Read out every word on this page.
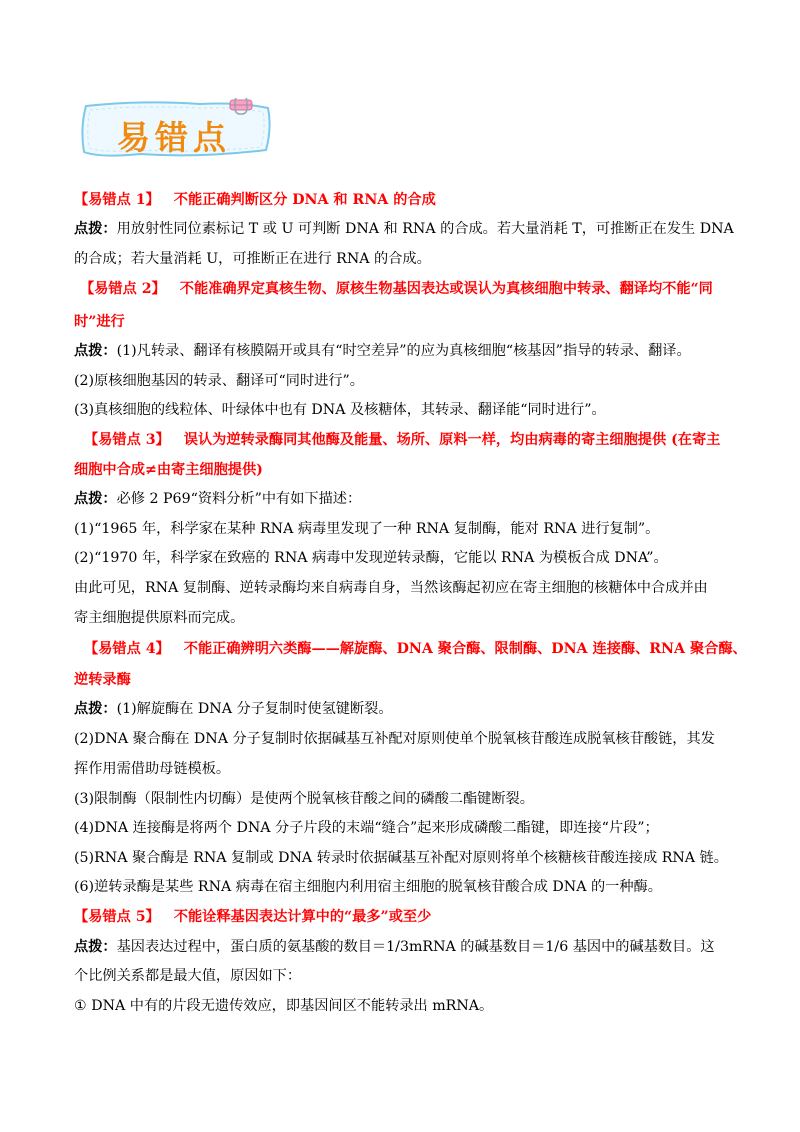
易错点
【易错点 1】 不能正确判断区分 DNA 和 RNA 的合成
点拨：用放射性同位素标记 T 或 U 可判断 DNA 和 RNA 的合成。若大量消耗 T，可推断正在发生 DNA
的合成；若大量消耗 U，可推断正在进行 RNA 的合成。
【易错点 2】 不能准确界定真核生物、原核生物基因表达或误认为真核细胞中转录、翻译均不能“同
时”进行
点拨：(1)凡转录、翻译有核膜隔开或具有“时空差异”的应为真核细胞“核基因”指导的转录、翻译。
(2)原核细胞基因的转录、翻译可“同时进行”。
(3)真核细胞的线粒体、叶绿体中也有 DNA 及核糖体，其转录、翻译能“同时进行”。
【易错点 3】 误认为逆转录酶同其他酶及能量、场所、原料一样，均由病毒的寄主细胞提供 (在寄主
细胞中合成≠由寄主细胞提供)
点拨：必修 2 P69“资料分析”中有如下描述：
(1)“1965 年，科学家在某种 RNA 病毒里发现了一种 RNA 复制酶，能对 RNA 进行复制”。
(2)“1970 年，科学家在致癌的 RNA 病毒中发现逆转录酶，它能以 RNA 为模板合成 DNA”。
由此可见，RNA 复制酶、逆转录酶均来自病毒自身，当然该酶起初应在寄主细胞的核糖体中合成并由
寄主细胞提供原料而完成。
【易错点 4】 不能正确辨明六类酶——解旋酶、DNA 聚合酶、限制酶、DNA 连接酶、RNA 聚合酶、
逆转录酶
点拨：(1)解旋酶在 DNA 分子复制时使氢键断裂。
(2)DNA 聚合酶在 DNA 分子复制时依据碱基互补配对原则使单个脱氧核苷酸连成脱氧核苷酸链，其发
挥作用需借助母链模板。
(3)限制酶（限制性内切酶）是使两个脱氧核苷酸之间的磷酸二酯键断裂。
(4)DNA 连接酶是将两个 DNA 分子片段的末端“缝合”起来形成磷酸二酯键，即连接“片段”；
(5)RNA 聚合酶是 RNA 复制或 DNA 转录时依据碱基互补配对原则将单个核糖核苷酸连接成 RNA 链。
(6)逆转录酶是某些 RNA 病毒在宿主细胞内利用宿主细胞的脱氧核苷酸合成 DNA 的一种酶。
【易错点 5】 不能诠释基因表达计算中的“最多”或至少
点拨：基因表达过程中，蛋白质的氨基酸的数目＝1/3mRNA 的碱基数目＝1/6 基因中的碱基数目。这
个比例关系都是最大值，原因如下：
① DNA 中有的片段无遗传效应，即基因间区不能转录出 mRNA。
